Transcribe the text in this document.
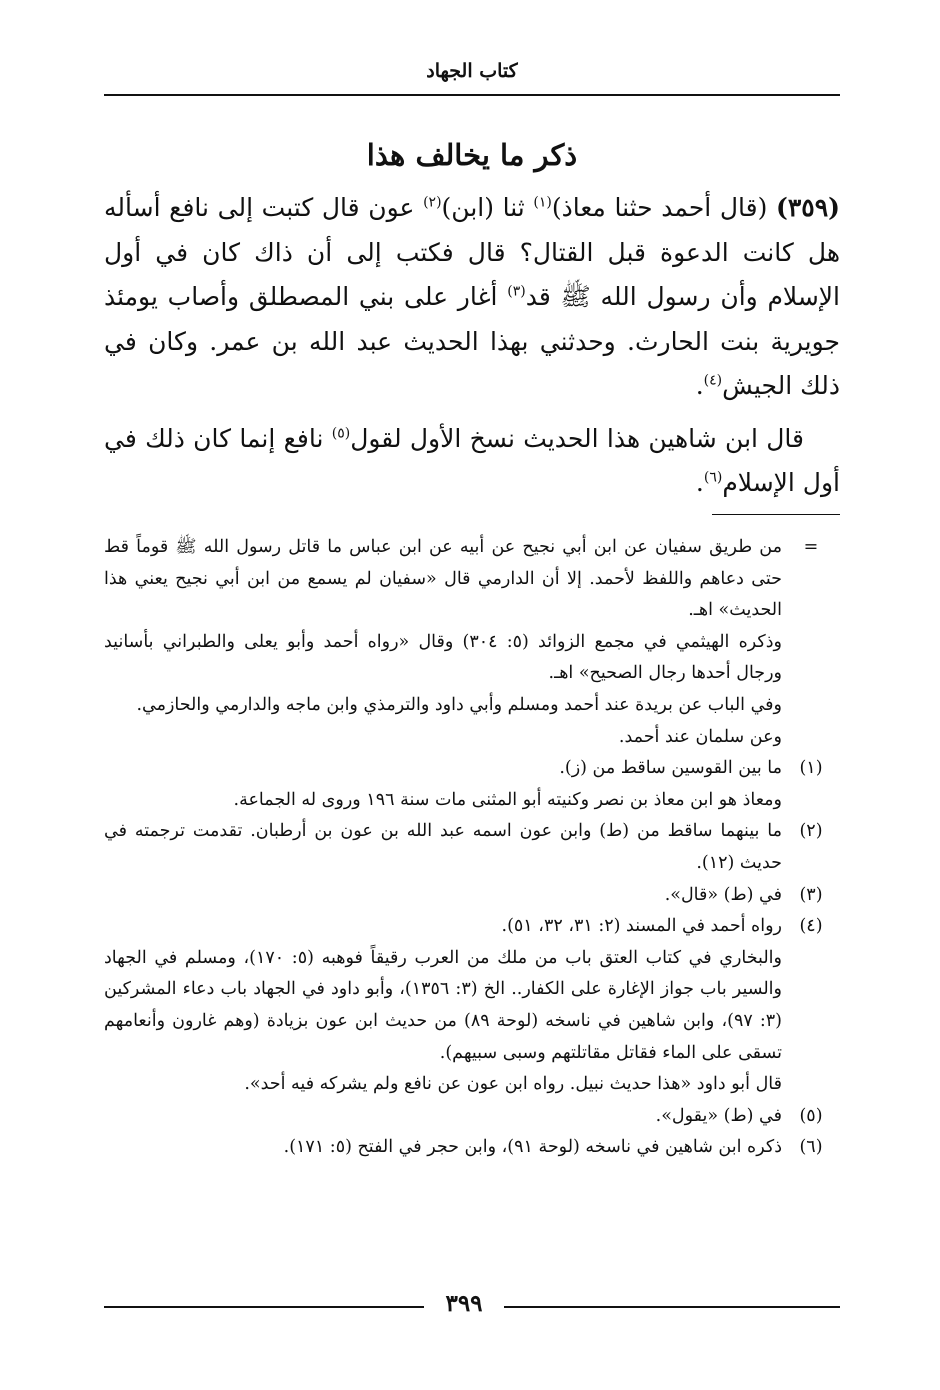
كتاب الجهاد
ذكر ما يخالف هذا

(٣٥٩) (قال أحمد حثنا معاذ)$^{(١)}$ ثنا (ابن)$^{(٢)}$ عون قال كتبت إلى نافع أسأله هل كانت الدعوة قبل القتال؟ قال فكتب إلى أن ذاك كان في أول الإسلام وأن رسول الله ﷺ قد$^{(٣)}$ أغار على بني المصطلق وأصاب يومئذ جويرية بنت الحارث. وحدثني بهذا الحديث عبد الله بن عمر. وكان في ذلك الجيش$^{(٤)}$.

قال ابن شاهين هذا الحديث نسخ الأول لقول$^{(٥)}$ نافع إنما كان ذلك في أول الإسلام$^{(٦)}$.

=
من طريق سفيان عن ابن أبي نجيح عن أبيه عن ابن عباس ما قاتل رسول الله ﷺ قوماً قط حتى دعاهم واللفظ لأحمد. إلا أن الدارمي قال «سفيان لم يسمع من ابن أبي نجيح يعني هذا الحديث» اهـ.
وذكره الهيثمي في مجمع الزوائد (٥: ٣٠٤) وقال «رواه أحمد وأبو يعلى والطبراني بأسانيد ورجال أحدها رجال الصحيح» اهـ.
وفي الباب عن بريدة عند أحمد ومسلم وأبي داود والترمذي وابن ماجه والدارمي والحازمي.
وعن سلمان عند أحمد.
(١)
ما بين القوسين ساقط من (ز).
ومعاذ هو ابن معاذ بن نصر وكنيته أبو المثنى مات سنة ١٩٦ وروى له الجماعة.
(٢)
ما بينهما ساقط من (ط) وابن عون اسمه عبد الله بن عون بن أرطبان. تقدمت ترجمته في حديث (١٢).
(٣)
في (ط) «قال».
(٤)
رواه أحمد في المسند (٢: ٣١، ٣٢، ٥١).
والبخاري في كتاب العتق باب من ملك من العرب رقيقاً فوهبه (٥: ١٧٠)، ومسلم في الجهاد والسير باب جواز الإغارة على الكفار.. الخ (٣: ١٣٥٦)، وأبو داود في الجهاد باب دعاء المشركين (٣: ٩٧)، وابن شاهين في ناسخه (لوحة ٨٩) من حديث ابن عون بزيادة (وهم غارون وأنعامهم تسقى على الماء فقاتل مقاتلتهم وسبى سبيهم).
قال أبو داود «هذا حديث نبيل. رواه ابن عون عن نافع ولم يشركه فيه أحد».
(٥)
في (ط) «يقول».
(٦)
ذكره ابن شاهين في ناسخه (لوحة ٩١)، وابن حجر في الفتح (٥: ١٧١).
٣٩٩
